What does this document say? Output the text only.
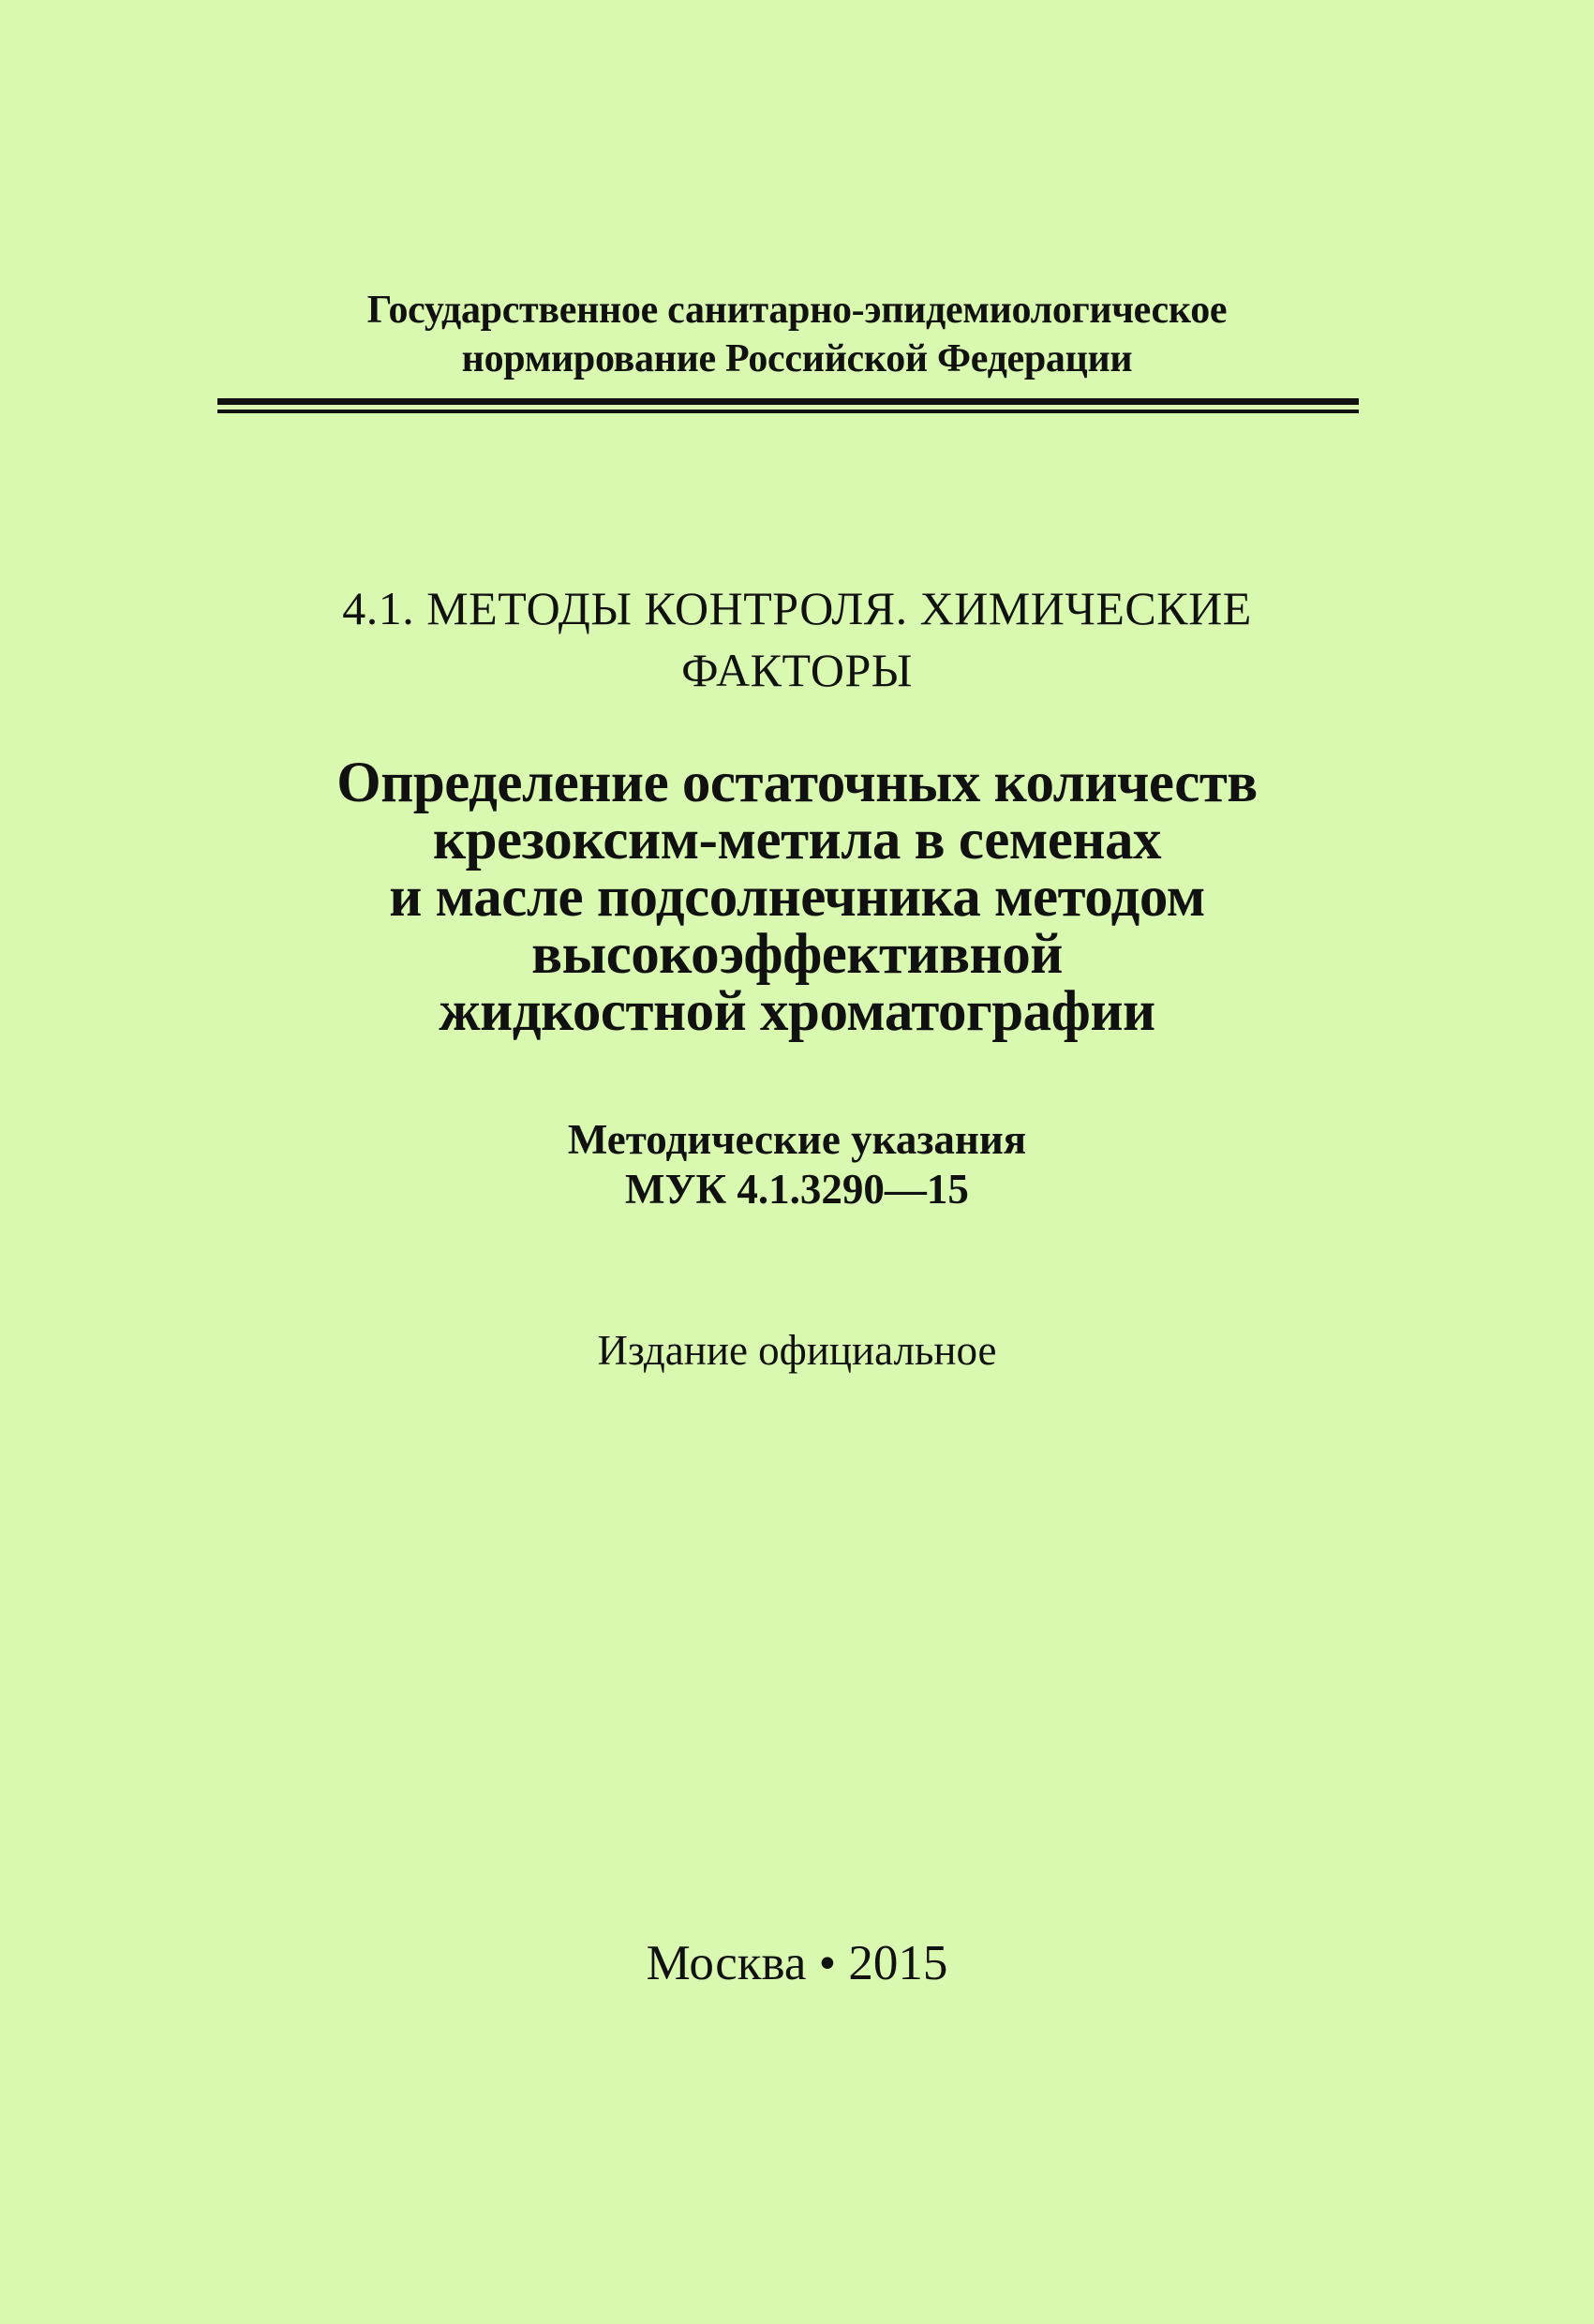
Государственное санитарно-эпидемиологическое
нормирование Российской Федерации
4.1. МЕТОДЫ КОНТРОЛЯ. ХИМИЧЕСКИЕ
ФАКТОРЫ
Определение остаточных количеств
крезоксим-метила в семенах
и масле подсолнечника методом
высокоэффективной
жидкостной хроматографии
Методические указания
МУК 4.1.3290—15
Издание официальное
Москва • 2015
